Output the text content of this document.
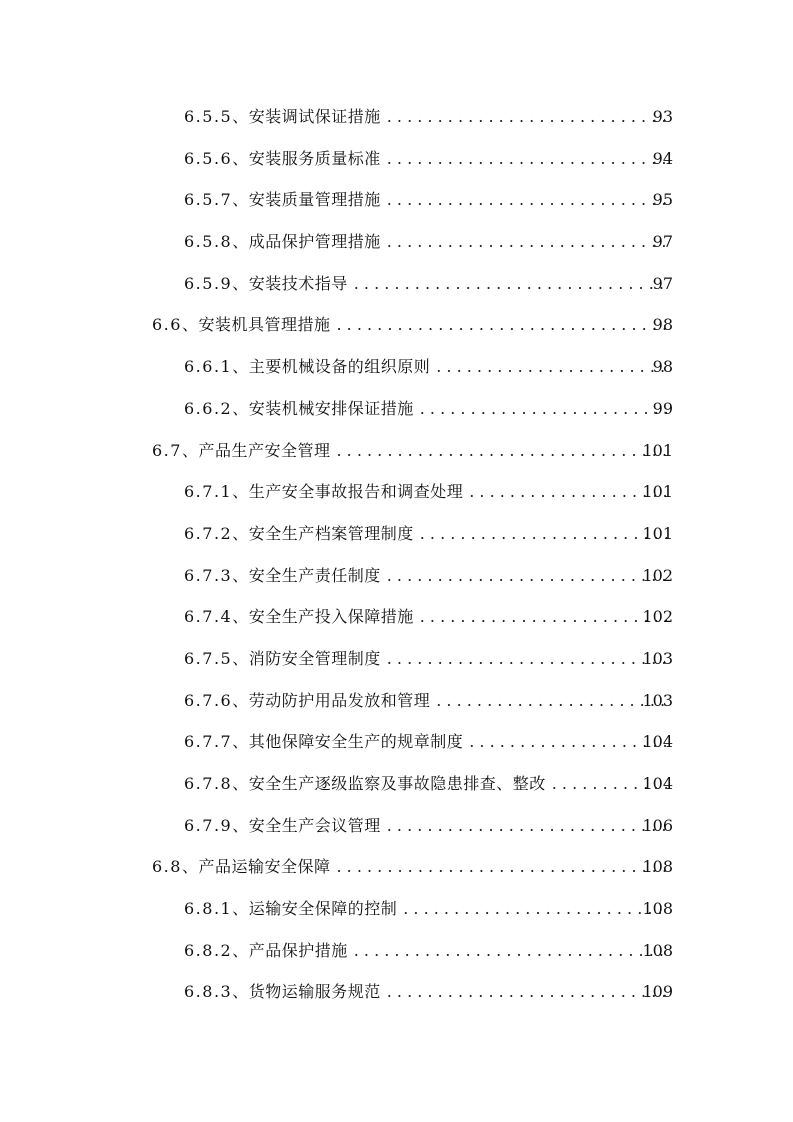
6.5.5 、安装调试保证措施 . . .	93
6.5.6 、安装服务质量标准 . . .	94
6.5.7 、安装质量管理措施 . . .	95
6.5.8 、成品保护管理措施 . . .	97
6.5.9 、安装技术指导 . . .	97
6.6 、安装机具管理措施 . . .	98
6.6.1 、主要机械设备的组织原则 . . .	98
6.6.2 、安装机械安排保证措施 . . .	99
6.7 、产品生产安全管理 . . .	101
6.7.1 、生产安全事故报告和调查处理 . . .	101
6.7.2 、安全生产档案管理制度 . . .	101
6.7.3 、安全生产责任制度 . . .	102
6.7.4 、安全生产投入保障措施 . . .	102
6.7.5 、消防安全管理制度 . . .	103
6.7.6 、劳动防护用品发放和管理 . . .	103
6.7.7 、其他保障安全生产的规章制度 . . .	104
6.7.8 、安全生产逐级监察及事故隐患排查、整改 . . .	104
6.7.9 、安全生产会议管理 . . .	106
6.8 、产品运输安全保障 . . .	108
6.8.1 、运输安全保障的控制 . . .	108
6.8.2 、产品保护措施 . . .	108
6.8.3 、货物运输服务规范 . . .	109
